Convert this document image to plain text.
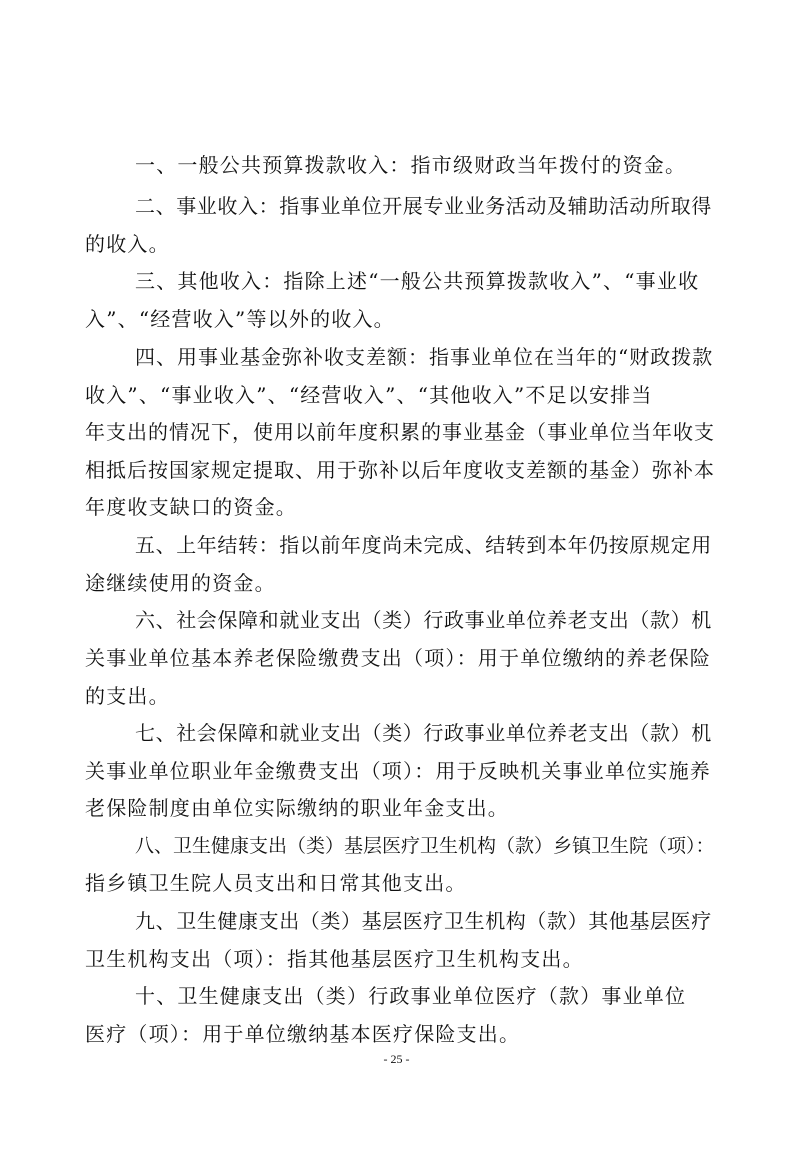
一、一般公共预算拨款收入：指市级财政当年拨付的资金。
二、事业收入：指事业单位开展专业业务活动及辅助活动所取得
的收入。
三、其他收入：指除上述“一般公共预算拨款收入”、“事业收
入”、“经营收入”等以外的收入。
四、用事业基金弥补收支差额：指事业单位在当年的“财政拨款
收入”、“事业收入”、“经营收入”、“其他收入”不足以安排当
年支出的情况下，使用以前年度积累的事业基金（事业单位当年收支
相抵后按国家规定提取、用于弥补以后年度收支差额的基金）弥补本
年度收支缺口的资金。
五、上年结转：指以前年度尚未完成、结转到本年仍按原规定用
途继续使用的资金。
六、社会保障和就业支出（类）行政事业单位养老支出（款）机
关事业单位基本养老保险缴费支出（项）：用于单位缴纳的养老保险
的支出。
七、社会保障和就业支出（类）行政事业单位养老支出（款）机
关事业单位职业年金缴费支出（项）：用于反映机关事业单位实施养
老保险制度由单位实际缴纳的职业年金支出。
八、卫生健康支出（类）基层医疗卫生机构（款）乡镇卫生院（项）：
指乡镇卫生院人员支出和日常其他支出。
九、卫生健康支出（类）基层医疗卫生机构（款）其他基层医疗
卫生机构支出（项）：指其他基层医疗卫生机构支出。
十、卫生健康支出（类）行政事业单位医疗（款）事业单位
医疗（项）：用于单位缴纳基本医疗保险支出。
- 25 -
